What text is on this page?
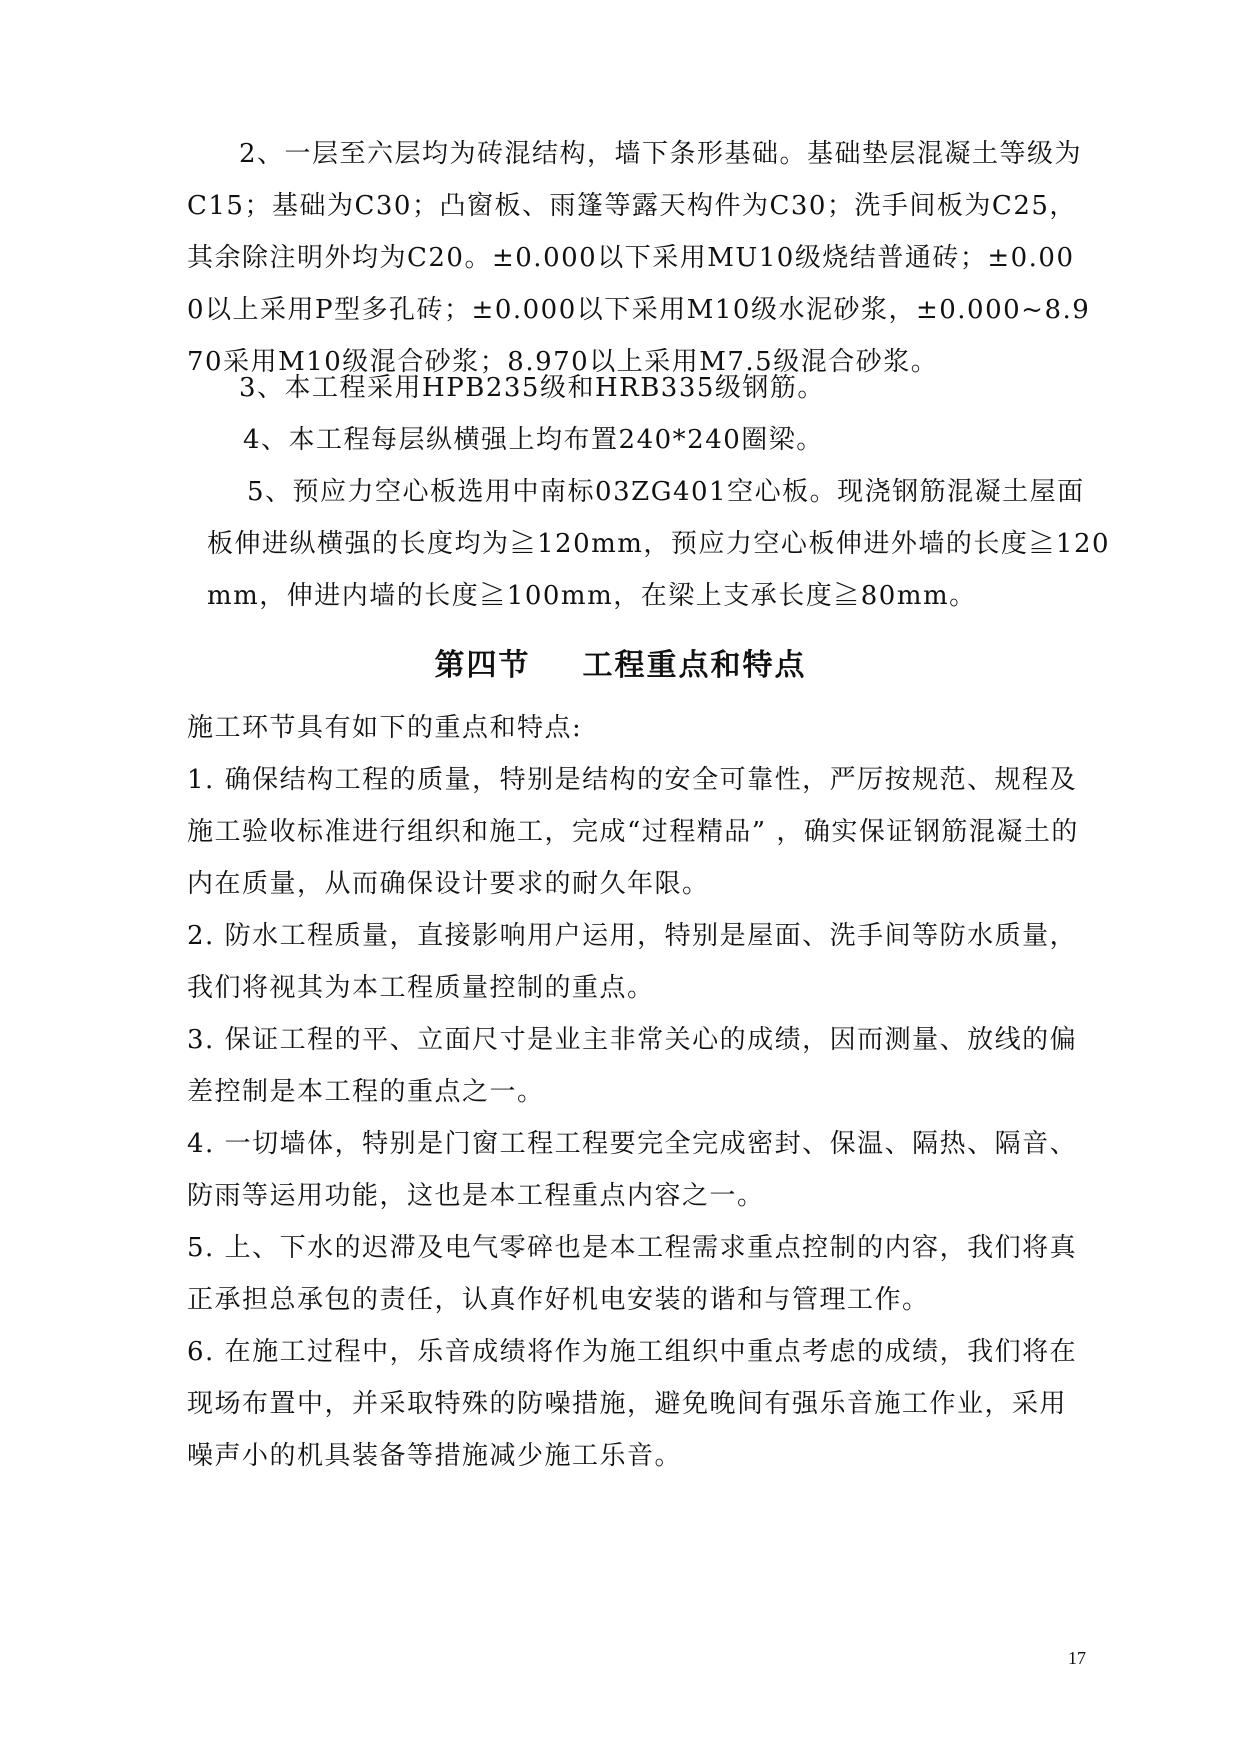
2、一层至六层均为砖混结构，墙下条形基础。基础垫层混凝土等级为C15；基础为C30；凸窗板、雨篷等露天构件为C30；洗手间板为C25，其余除注明外均为C20。±0.000以下采用MU10级烧结普通砖；±0.000以上采用P型多孔砖；±0.000以下采用M10级水泥砂浆，±0.000~8.970采用M10级混合砂浆；8.970以上采用M7.5级混合砂浆。

3、本工程采用HPB235级和HRB335级钢筋。

4、本工程每层纵横强上均布置240*240圈梁。

5、预应力空心板选用中南标03ZG401空心板。现浇钢筋混凝土屋面板伸进纵横强的长度均为≧120mm，预应力空心板伸进外墙的长度≧120mm，伸进内墙的长度≧100mm，在梁上支承长度≧80mm。

第四节 工程重点和特点

施工环节具有如下的重点和特点:

1. 确保结构工程的质量，特别是结构的安全可靠性，严厉按规范、规程及施工验收标准进行组织和施工，完成“过程精品” ，确实保证钢筋混凝土的内在质量，从而确保设计要求的耐久年限。

2. 防水工程质量，直接影响用户运用，特别是屋面、洗手间等防水质量，我们将视其为本工程质量控制的重点。

3. 保证工程的平、立面尺寸是业主非常关心的成绩，因而测量、放线的偏差控制是本工程的重点之一。

4. 一切墙体，特别是门窗工程工程要完全完成密封、保温、隔热、隔音、防雨等运用功能，这也是本工程重点内容之一。

5. 上、下水的迟滞及电气零碎也是本工程需求重点控制的内容，我们将真正承担总承包的责任，认真作好机电安装的谐和与管理工作。

6. 在施工过程中，乐音成绩将作为施工组织中重点考虑的成绩，我们将在现场布置中，并采取特殊的防噪措施，避免晚间有强乐音施工作业，采用噪声小的机具装备等措施减少施工乐音。

17
